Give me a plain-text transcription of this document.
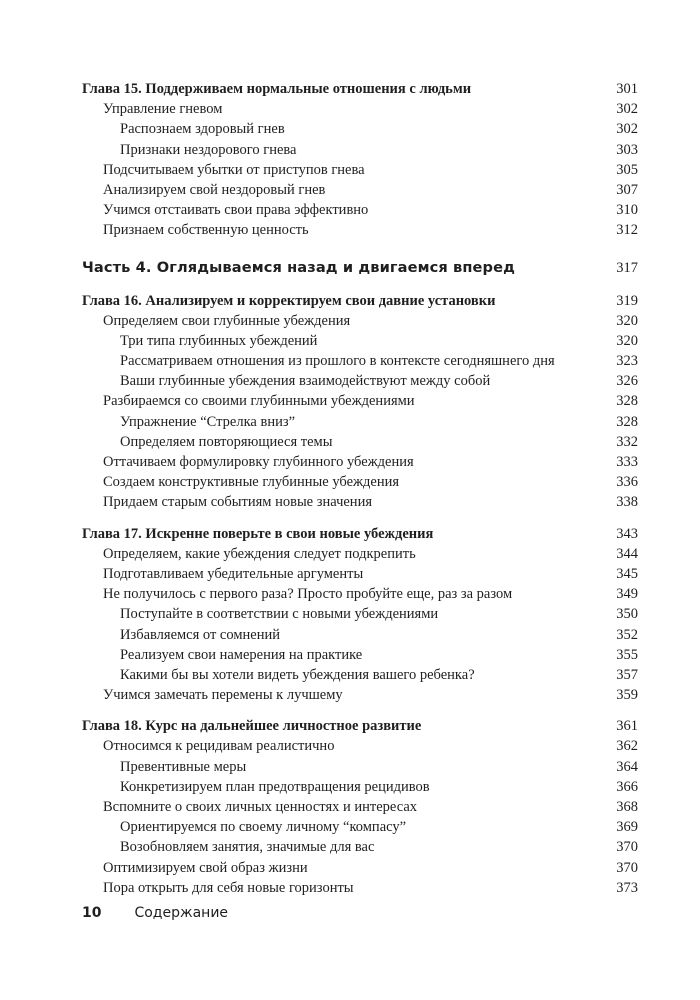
Глава 15. Поддерживаем нормальные отношения с людьми	301
Управление гневом	302
Распознаем здоровый гнев	302
Признаки нездорового гнева	303
Подсчитываем убытки от приступов гнева	305
Анализируем свой нездоровый гнев	307
Учимся отстаивать свои права эффективно	310
Признаем собственную ценность	312
Часть 4. Оглядываемся назад и двигаемся вперед	317
Глава 16. Анализируем и корректируем свои давние установки	319
Определяем свои глубинные убеждения	320
Три типа глубинных убеждений	320
Рассматриваем отношения из прошлого в контексте сегодняшнего дня	323
Ваши глубинные убеждения взаимодействуют между собой	326
Разбираемся со своими глубинными убеждениями	328
Упражнение “Стрелка вниз”	328
Определяем повторяющиеся темы	332
Оттачиваем формулировку глубинного убеждения	333
Создаем конструктивные глубинные убеждения	336
Придаем старым событиям новые значения	338
Глава 17. Искренне поверьте в свои новые убеждения	343
Определяем, какие убеждения следует подкрепить	344
Подготавливаем убедительные аргументы	345
Не получилось с первого раза? Просто пробуйте еще, раз за разом	349
Поступайте в соответствии с новыми убеждениями	350
Избавляемся от сомнений	352
Реализуем свои намерения на практике	355
Какими бы вы хотели видеть убеждения вашего ребенка?	357
Учимся замечать перемены к лучшему	359
Глава 18. Курс на дальнейшее личностное развитие	361
Относимся к рецидивам реалистично	362
Превентивные меры	364
Конкретизируем план предотвращения рецидивов	366
Вспомните о своих личных ценностях и интересах	368
Ориентируемся по своему личному “компасу”	369
Возобновляем занятия, значимые для вас	370
Оптимизируем свой образ жизни	370
Пора открыть для себя новые горизонты	373
10 Содержание
